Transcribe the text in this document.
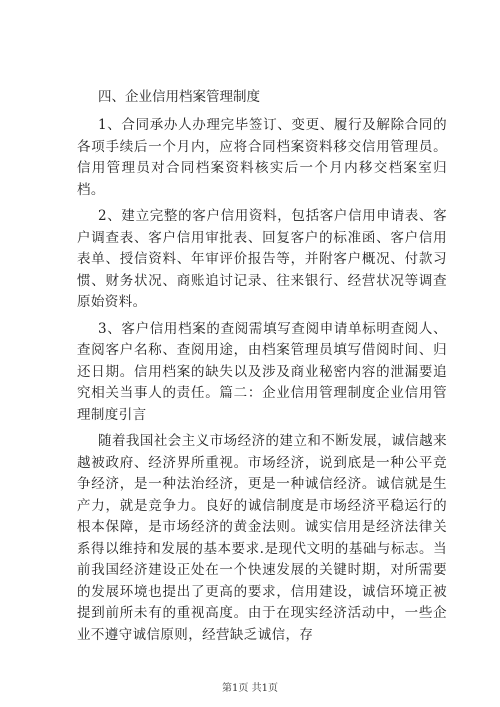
四、企业信用档案管理制度

1、合同承办人办理完毕签订、变更、履行及解除合同的各项手续后一个月内，应将合同档案资料移交信用管理员。信用管理员对合同档案资料核实后一个月内移交档案室归档。

2、建立完整的客户信用资料，包括客户信用申请表、客户调查表、客户信用审批表、回复客户的标准函、客户信用表单、授信资料、年审评价报告等，并附客户概况、付款习惯、财务状况、商账追讨记录、往来银行、经营状况等调查原始资料。

3、客户信用档案的查阅需填写查阅申请单标明查阅人、查阅客户名称、查阅用途，由档案管理员填写借阅时间、归还日期。信用档案的缺失以及涉及商业秘密内容的泄漏要追究相关当事人的责任。篇二：企业信用管理制度企业信用管理制度引言

随着我国社会主义市场经济的建立和不断发展，诚信越来越被政府、经济界所重视。市场经济，说到底是一种公平竞争经济，是一种法治经济，更是一种诚信经济。诚信就是生产力，就是竞争力。良好的诚信制度是市场经济平稳运行的根本保障，是市场经济的黄金法则。诚实信用是经济法律关系得以维持和发展的基本要求.是现代文明的基础与标志。当前我国经济建设正处在一个快速发展的关键时期，对所需要的发展环境也提出了更高的要求，信用建设，诚信环境正被提到前所未有的重视高度。由于在现实经济活动中，一些企业不遵守诚信原则，经营缺乏诚信，存

第1页 共1页
